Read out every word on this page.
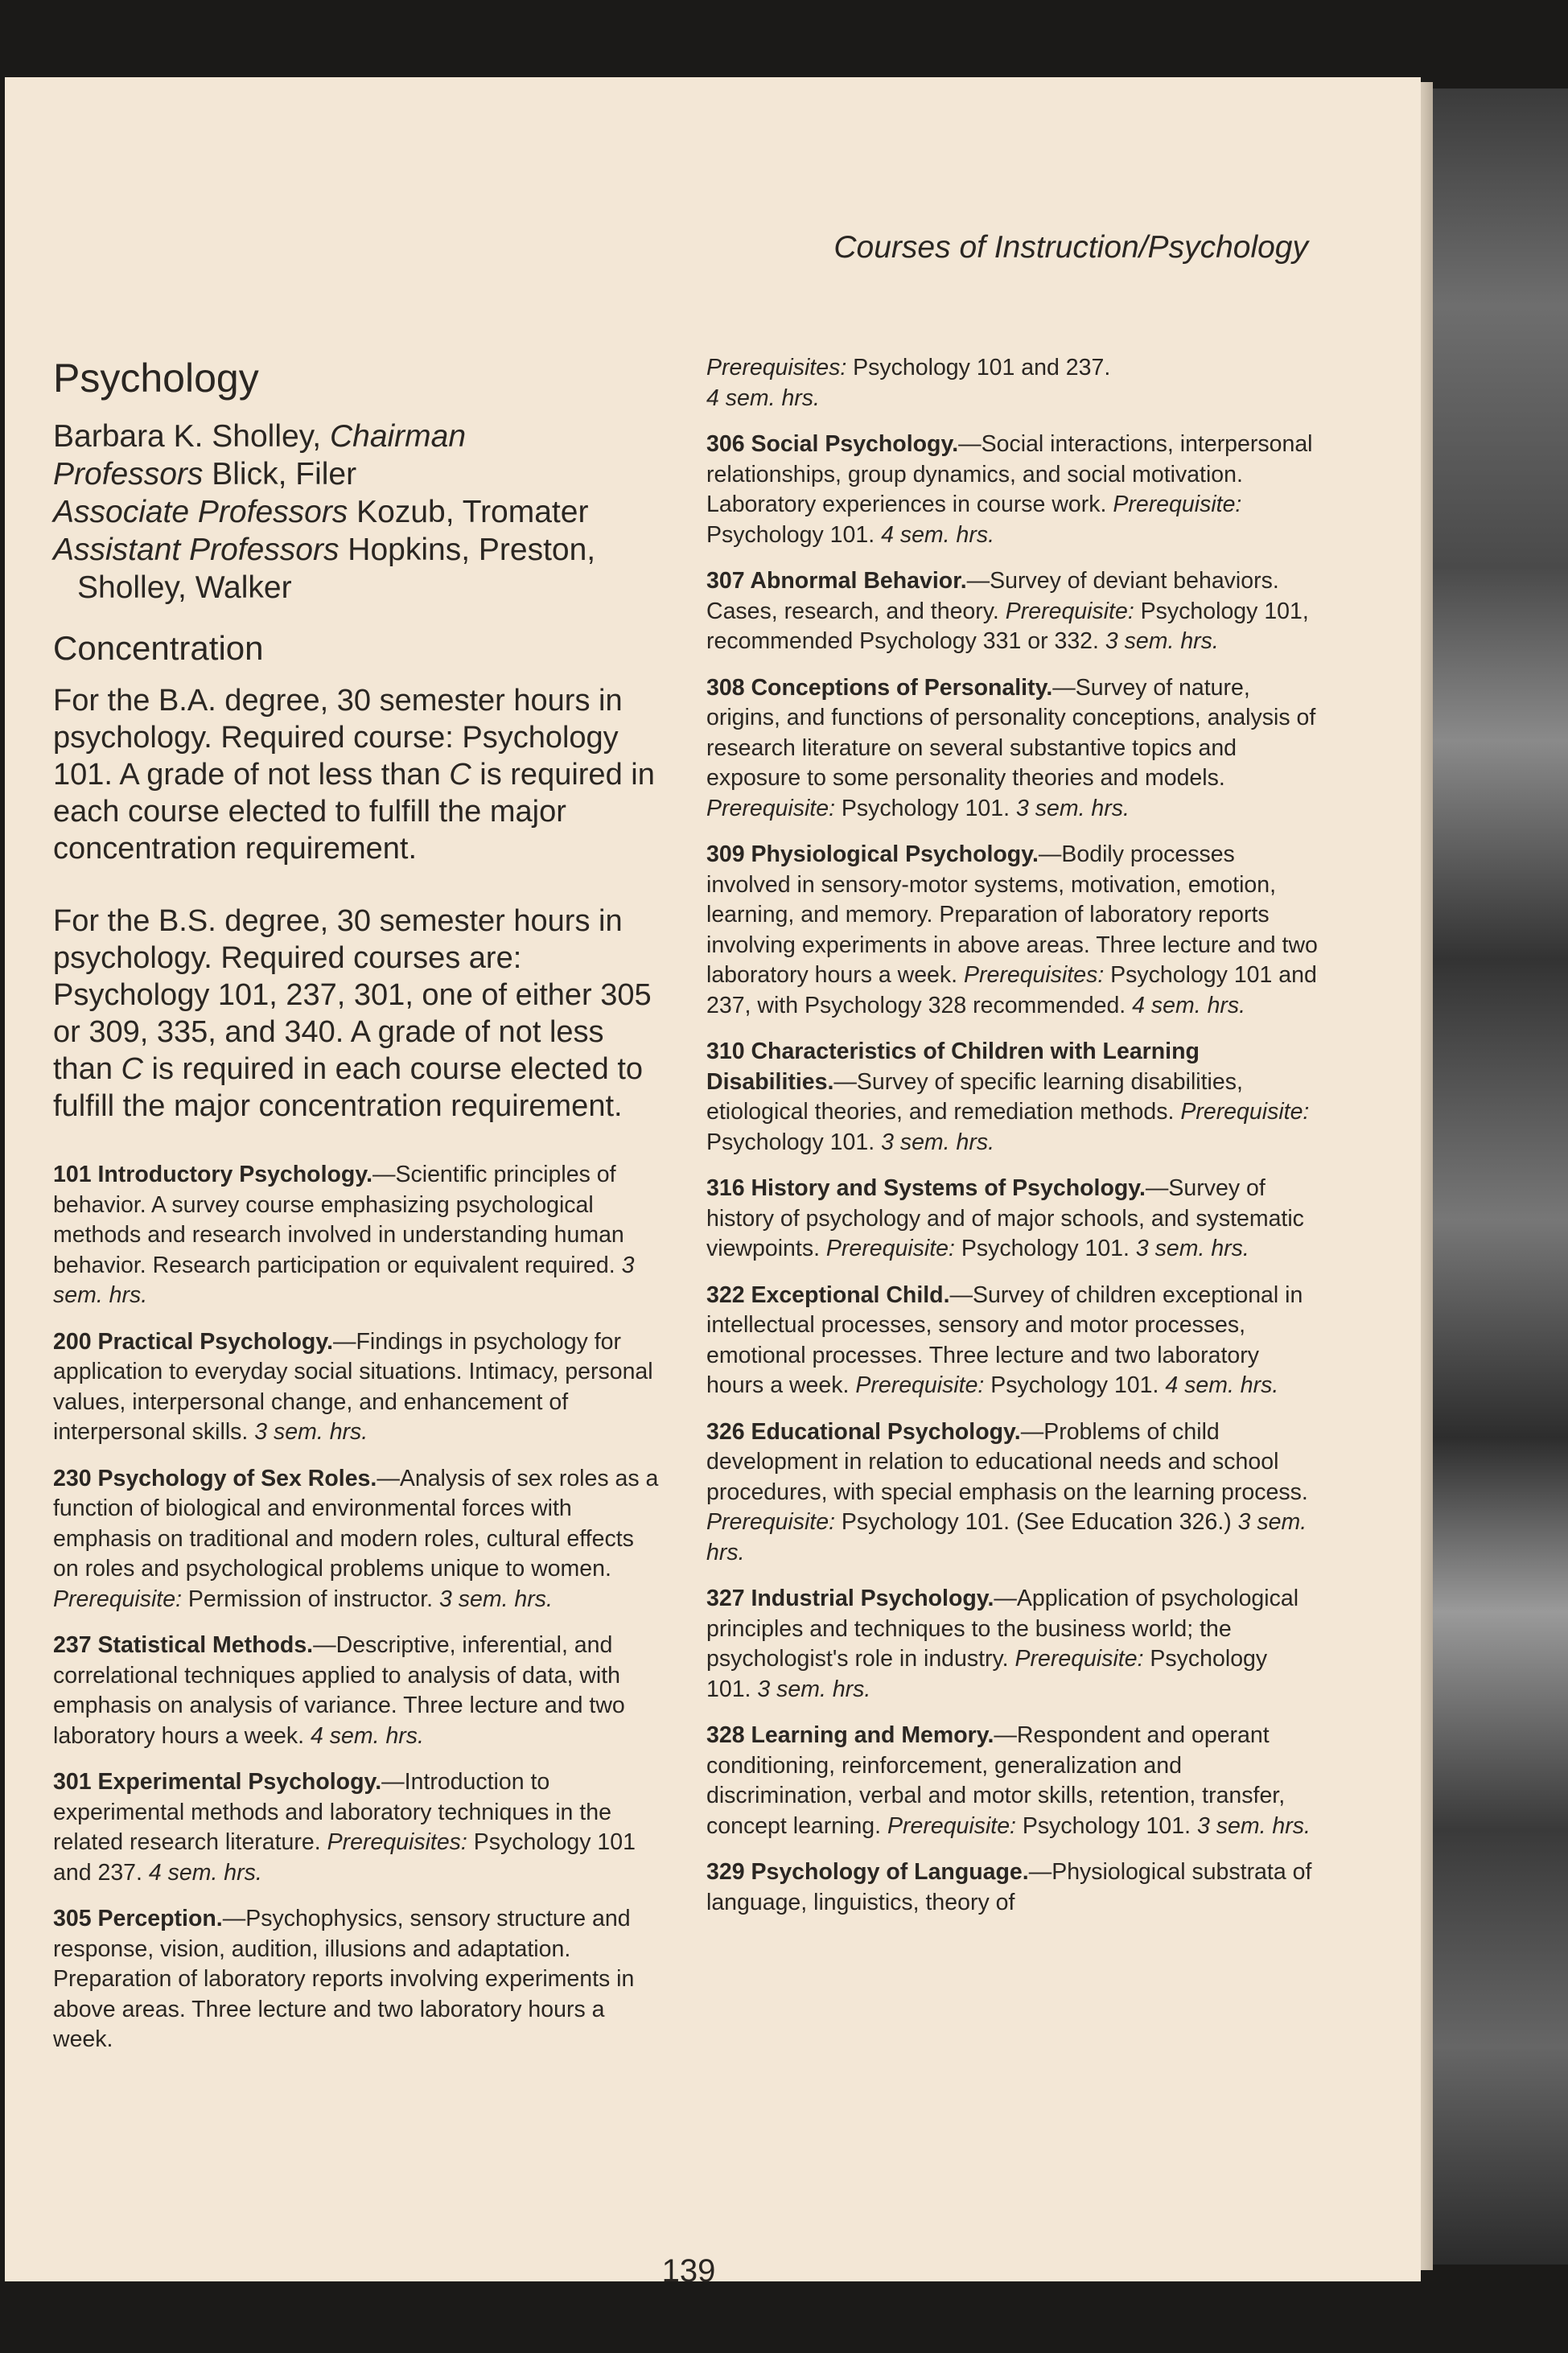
Courses of Instruction/Psychology
Psychology
Barbara K. Sholley, Chairman
Professors Blick, Filer
Associate Professors Kozub, Tromater
Assistant Professors Hopkins, Preston,
Sholley, Walker
Concentration

For the B.A. degree, 30 semester hours in psychology. Required course: Psychology 101. A grade of not less than C is required in each course elected to fulfill the major concentration requirement.

For the B.S. degree, 30 semester hours in psychology. Required courses are: Psychology 101, 237, 301, one of either 305 or 309, 335, and 340. A grade of not less than C is required in each course elected to fulfill the major concentration requirement.

101 Introductory Psychology.—Scientific principles of behavior. A survey course emphasizing psychological methods and research involved in understanding human behavior. Research participation or equivalent required. 3 sem. hrs.

200 Practical Psychology.—Findings in psychology for application to everyday social situations. Intimacy, personal values, interpersonal change, and enhancement of interpersonal skills. 3 sem. hrs.

230 Psychology of Sex Roles.—Analysis of sex roles as a function of biological and environmental forces with emphasis on traditional and modern roles, cultural effects on roles and psychological problems unique to women. Prerequisite: Permission of instructor. 3 sem. hrs.

237 Statistical Methods.—Descriptive, inferential, and correlational techniques applied to analysis of data, with emphasis on analysis of variance. Three lecture and two laboratory hours a week. 4 sem. hrs.

301 Experimental Psychology.—Introduction to experimental methods and laboratory techniques in the related research literature. Prerequisites: Psychology 101 and 237. 4 sem. hrs.

305 Perception.—Psychophysics, sensory structure and response, vision, audition, illusions and adaptation. Preparation of laboratory reports involving experiments in above areas. Three lecture and two laboratory hours a week.

Prerequisites: Psychology 101 and 237.
4 sem. hrs.

306 Social Psychology.—Social interactions, interpersonal relationships, group dynamics, and social motivation. Laboratory experiences in course work. Prerequisite: Psychology 101. 4 sem. hrs.

307 Abnormal Behavior.—Survey of deviant behaviors. Cases, research, and theory. Prerequisite: Psychology 101, recommended Psychology 331 or 332. 3 sem. hrs.

308 Conceptions of Personality.—Survey of nature, origins, and functions of personality conceptions, analysis of research literature on several substantive topics and exposure to some personality theories and models. Prerequisite: Psychology 101. 3 sem. hrs.

309 Physiological Psychology.—Bodily processes involved in sensory-motor systems, motivation, emotion, learning, and memory. Preparation of laboratory reports involving experiments in above areas. Three lecture and two laboratory hours a week. Prerequisites: Psychology 101 and 237, with Psychology 328 recommended. 4 sem. hrs.

310 Characteristics of Children with Learning Disabilities.—Survey of specific learning disabilities, etiological theories, and remediation methods. Prerequisite: Psychology 101. 3 sem. hrs.

316 History and Systems of Psychology.—Survey of history of psychology and of major schools, and systematic viewpoints. Prerequisite: Psychology 101. 3 sem. hrs.

322 Exceptional Child.—Survey of children exceptional in intellectual processes, sensory and motor processes, emotional processes. Three lecture and two laboratory hours a week. Prerequisite: Psychology 101. 4 sem. hrs.

326 Educational Psychology.—Problems of child development in relation to educational needs and school procedures, with special emphasis on the learning process. Prerequisite: Psychology 101. (See Education 326.) 3 sem. hrs.

327 Industrial Psychology.—Application of psychological principles and techniques to the business world; the psychologist's role in industry. Prerequisite: Psychology 101. 3 sem. hrs.

328 Learning and Memory.—Respondent and operant conditioning, reinforcement, generalization and discrimination, verbal and motor skills, retention, transfer, concept learning. Prerequisite: Psychology 101. 3 sem. hrs.

329 Psychology of Language.—Physiological substrata of language, linguistics, theory of

139
